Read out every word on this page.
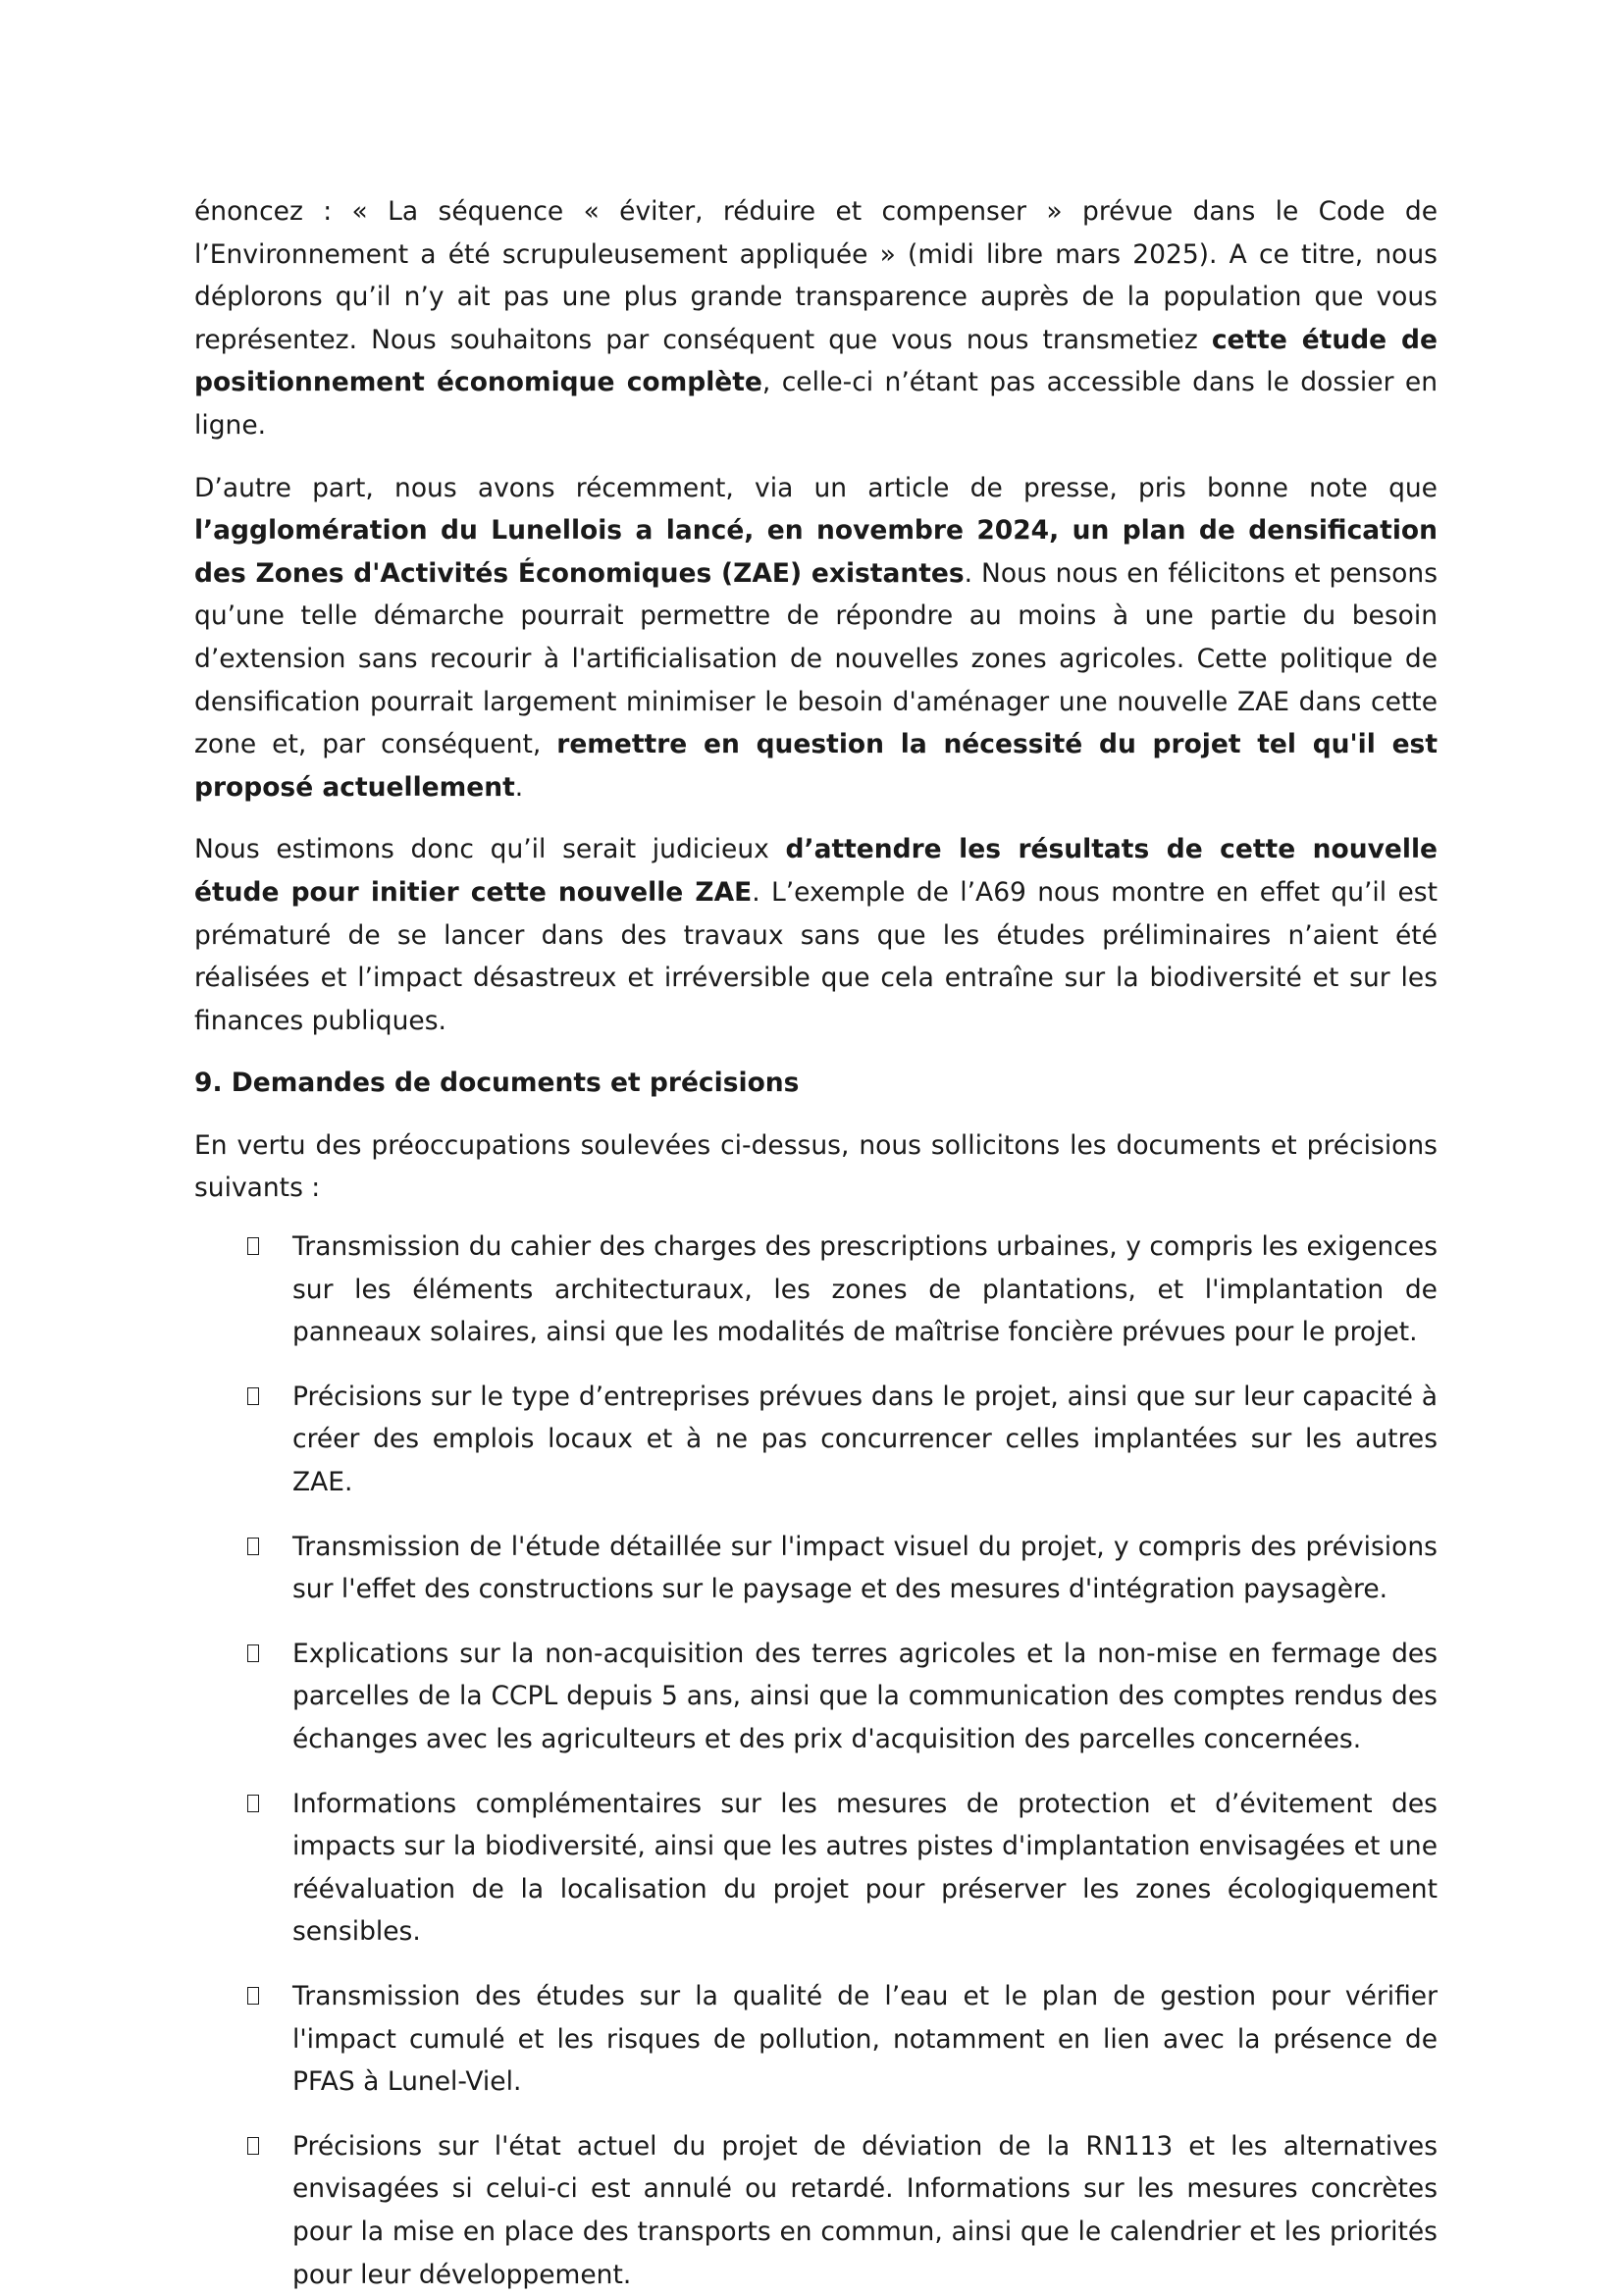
énoncez : « La séquence « éviter, réduire et compenser » prévue dans le Code de l’Environnement a été scrupuleusement appliquée » (midi libre mars 2025). A ce titre, nous déplorons qu’il n’y ait pas une plus grande transparence auprès de la population que vous représentez. Nous souhaitons par conséquent que vous nous transmetiez cette étude de positionnement économique complète, celle-ci n’étant pas accessible dans le dossier en ligne.

D’autre part, nous avons récemment, via un article de presse, pris bonne note que l’agglomération du Lunellois a lancé, en novembre 2024, un plan de densification des Zones d'Activités Économiques (ZAE) existantes. Nous nous en félicitons et pensons qu’une telle démarche pourrait permettre de répondre au moins à une partie du besoin d’extension sans recourir à l'artificialisation de nouvelles zones agricoles. Cette politique de densification pourrait largement minimiser le besoin d'aménager une nouvelle ZAE dans cette zone et, par conséquent, remettre en question la nécessité du projet tel qu'il est proposé actuellement.

Nous estimons donc qu’il serait judicieux d’attendre les résultats de cette nouvelle étude pour initier cette nouvelle ZAE. L’exemple de l’A69 nous montre en effet qu’il est prématuré de se lancer dans des travaux sans que les études préliminaires n’aient été réalisées et l’impact désastreux et irréversible que cela entraîne sur la biodiversité et sur les finances publiques.

9. Demandes de documents et précisions

En vertu des préoccupations soulevées ci-dessus, nous sollicitons les documents et précisions suivants :

Transmission du cahier des charges des prescriptions urbaines, y compris les exigences sur les éléments architecturaux, les zones de plantations, et l'implantation de panneaux solaires, ainsi que les modalités de maîtrise foncière prévues pour le projet.

Précisions sur le type d’entreprises prévues dans le projet, ainsi que sur leur capacité à créer des emplois locaux et à ne pas concurrencer celles implantées sur les autres ZAE.

Transmission de l'étude détaillée sur l'impact visuel du projet, y compris des prévisions sur l'effet des constructions sur le paysage et des mesures d'intégration paysagère.

Explications sur la non-acquisition des terres agricoles et la non-mise en fermage des parcelles de la CCPL depuis 5 ans, ainsi que la communication des comptes rendus des échanges avec les agriculteurs et des prix d'acquisition des parcelles concernées.

Informations complémentaires sur les mesures de protection et d’évitement des impacts sur la biodiversité, ainsi que les autres pistes d'implantation envisagées et une réévaluation de la localisation du projet pour préserver les zones écologiquement sensibles.

Transmission des études sur la qualité de l’eau et le plan de gestion pour vérifier l'impact cumulé et les risques de pollution, notamment en lien avec la présence de PFAS à Lunel-Viel.

Précisions sur l'état actuel du projet de déviation de la RN113 et les alternatives envisagées si celui-ci est annulé ou retardé. Informations sur les mesures concrètes pour la mise en place des transports en commun, ainsi que le calendrier et les priorités pour leur développement.
